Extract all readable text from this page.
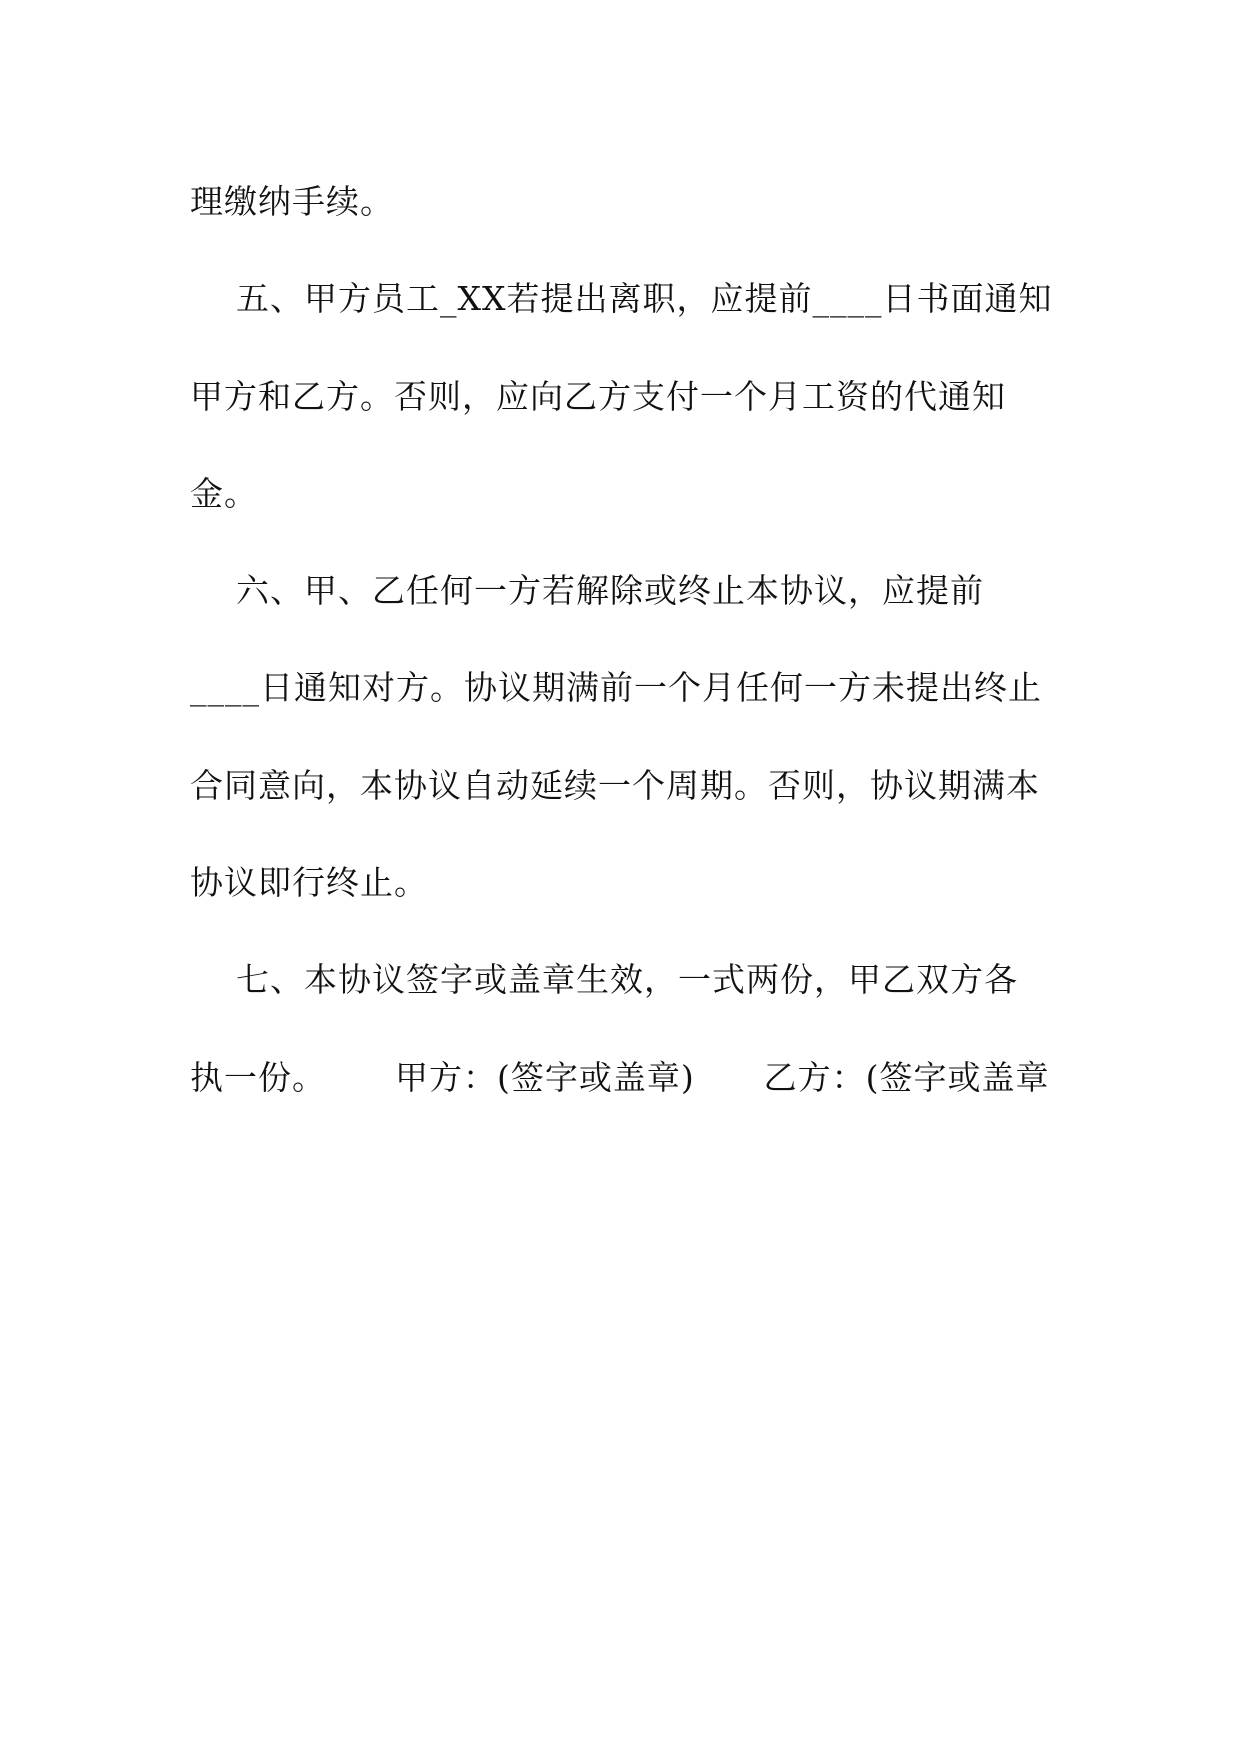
理缴纳手续。
五、甲方员工_XX若提出离职，应提前____日书面通知
甲方和乙方。否则，应向乙方支付一个月工资的代通知
金。
六、甲、乙任何一方若解除或终止本协议，应提前
____日通知对方。协议期满前一个月任何一方未提出终止
合同意向，本协议自动延续一个周期。否则，协议期满本
协议即行终止。
七、本协议签字或盖章生效，一式两份，甲乙双方各
执一份。      甲方：(签字或盖章)      乙方：(签字或盖章
